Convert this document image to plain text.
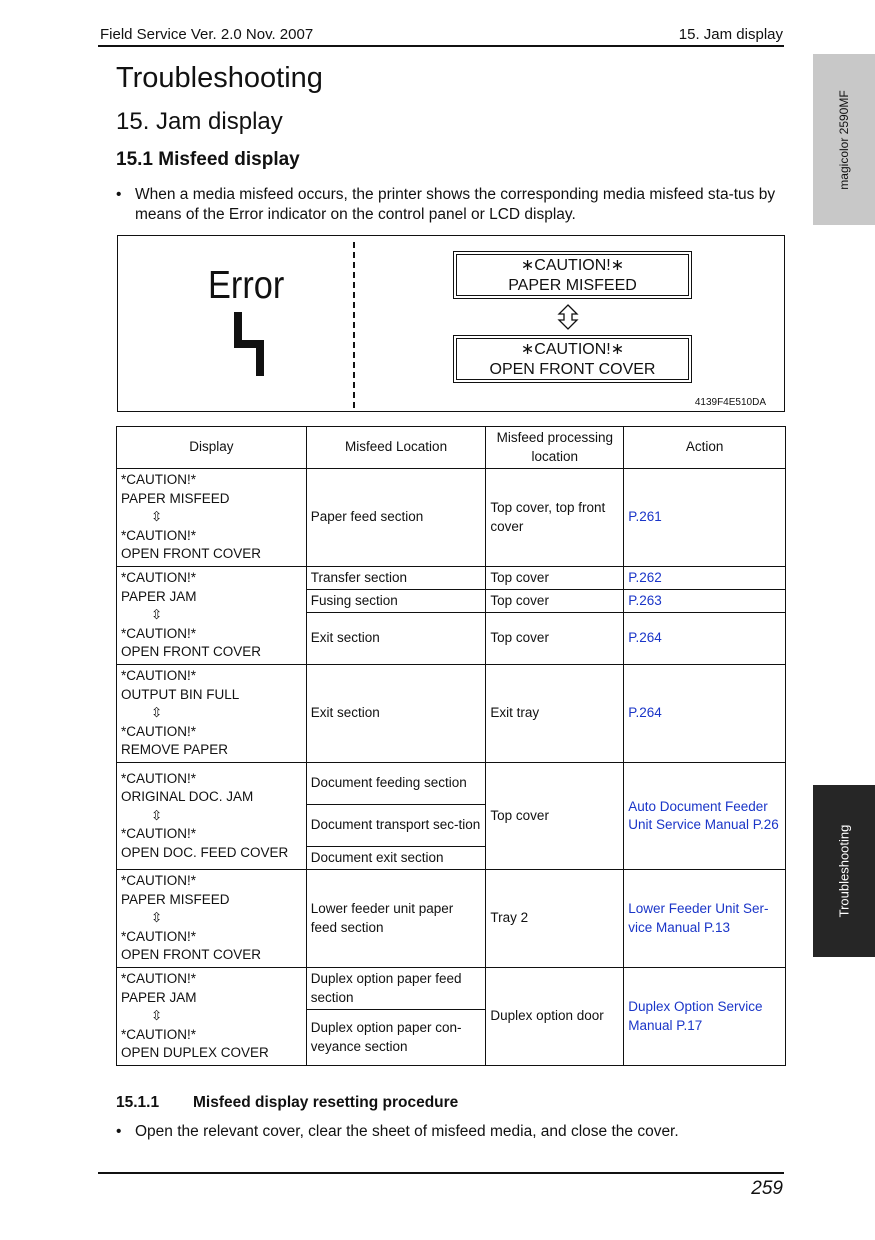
Field Service Ver. 2.0 Nov. 2007	15. Jam display
magicolor 2590MF
Troubleshooting
Troubleshooting
15. Jam display
15.1 Misfeed display
• When a media misfeed occurs, the printer shows the corresponding media misfeed sta-tus by means of the Error indicator on the control panel or LCD display.
Error	∗CAUTION!∗
PAPER MISFEED
∗CAUTION!∗
OPEN FRONT COVER
4139F4E510DA
Display	Misfeed Location	Misfeed processing location	Action

*CAUTION!*
PAPER MISFEED
⇳
*CAUTION!*
OPEN FRONT COVER	Paper feed section	Top cover, top front cover	P.261

*CAUTION!*
PAPER JAM
⇳
*CAUTION!*
OPEN FRONT COVER	Transfer section	Top cover	P.262
	Fusing section	Top cover	P.263
	Exit section	Top cover	P.264

*CAUTION!*
OUTPUT BIN FULL
⇳
*CAUTION!*
REMOVE PAPER	Exit section	Exit tray	P.264

*CAUTION!*
ORIGINAL DOC. JAM
⇳
*CAUTION!*
OPEN DOC. FEED COVER	Document feeding section	Top cover	Auto Document Feeder Unit Service Manual P.26
	Document transport sec-tion		
	Document exit section		

*CAUTION!*
PAPER MISFEED
⇳
*CAUTION!*
OPEN FRONT COVER	Lower feeder unit paper feed section	Tray 2	Lower Feeder Unit Ser-vice Manual P.13

*CAUTION!*
PAPER JAM
⇳
*CAUTION!*
OPEN DUPLEX COVER	Duplex option paper feed section	Duplex option door	Duplex Option Service Manual P.17
	Duplex option paper con-veyance section		
15.1.1 Misfeed display resetting procedure
• Open the relevant cover, clear the sheet of misfeed media, and close the cover.
259
